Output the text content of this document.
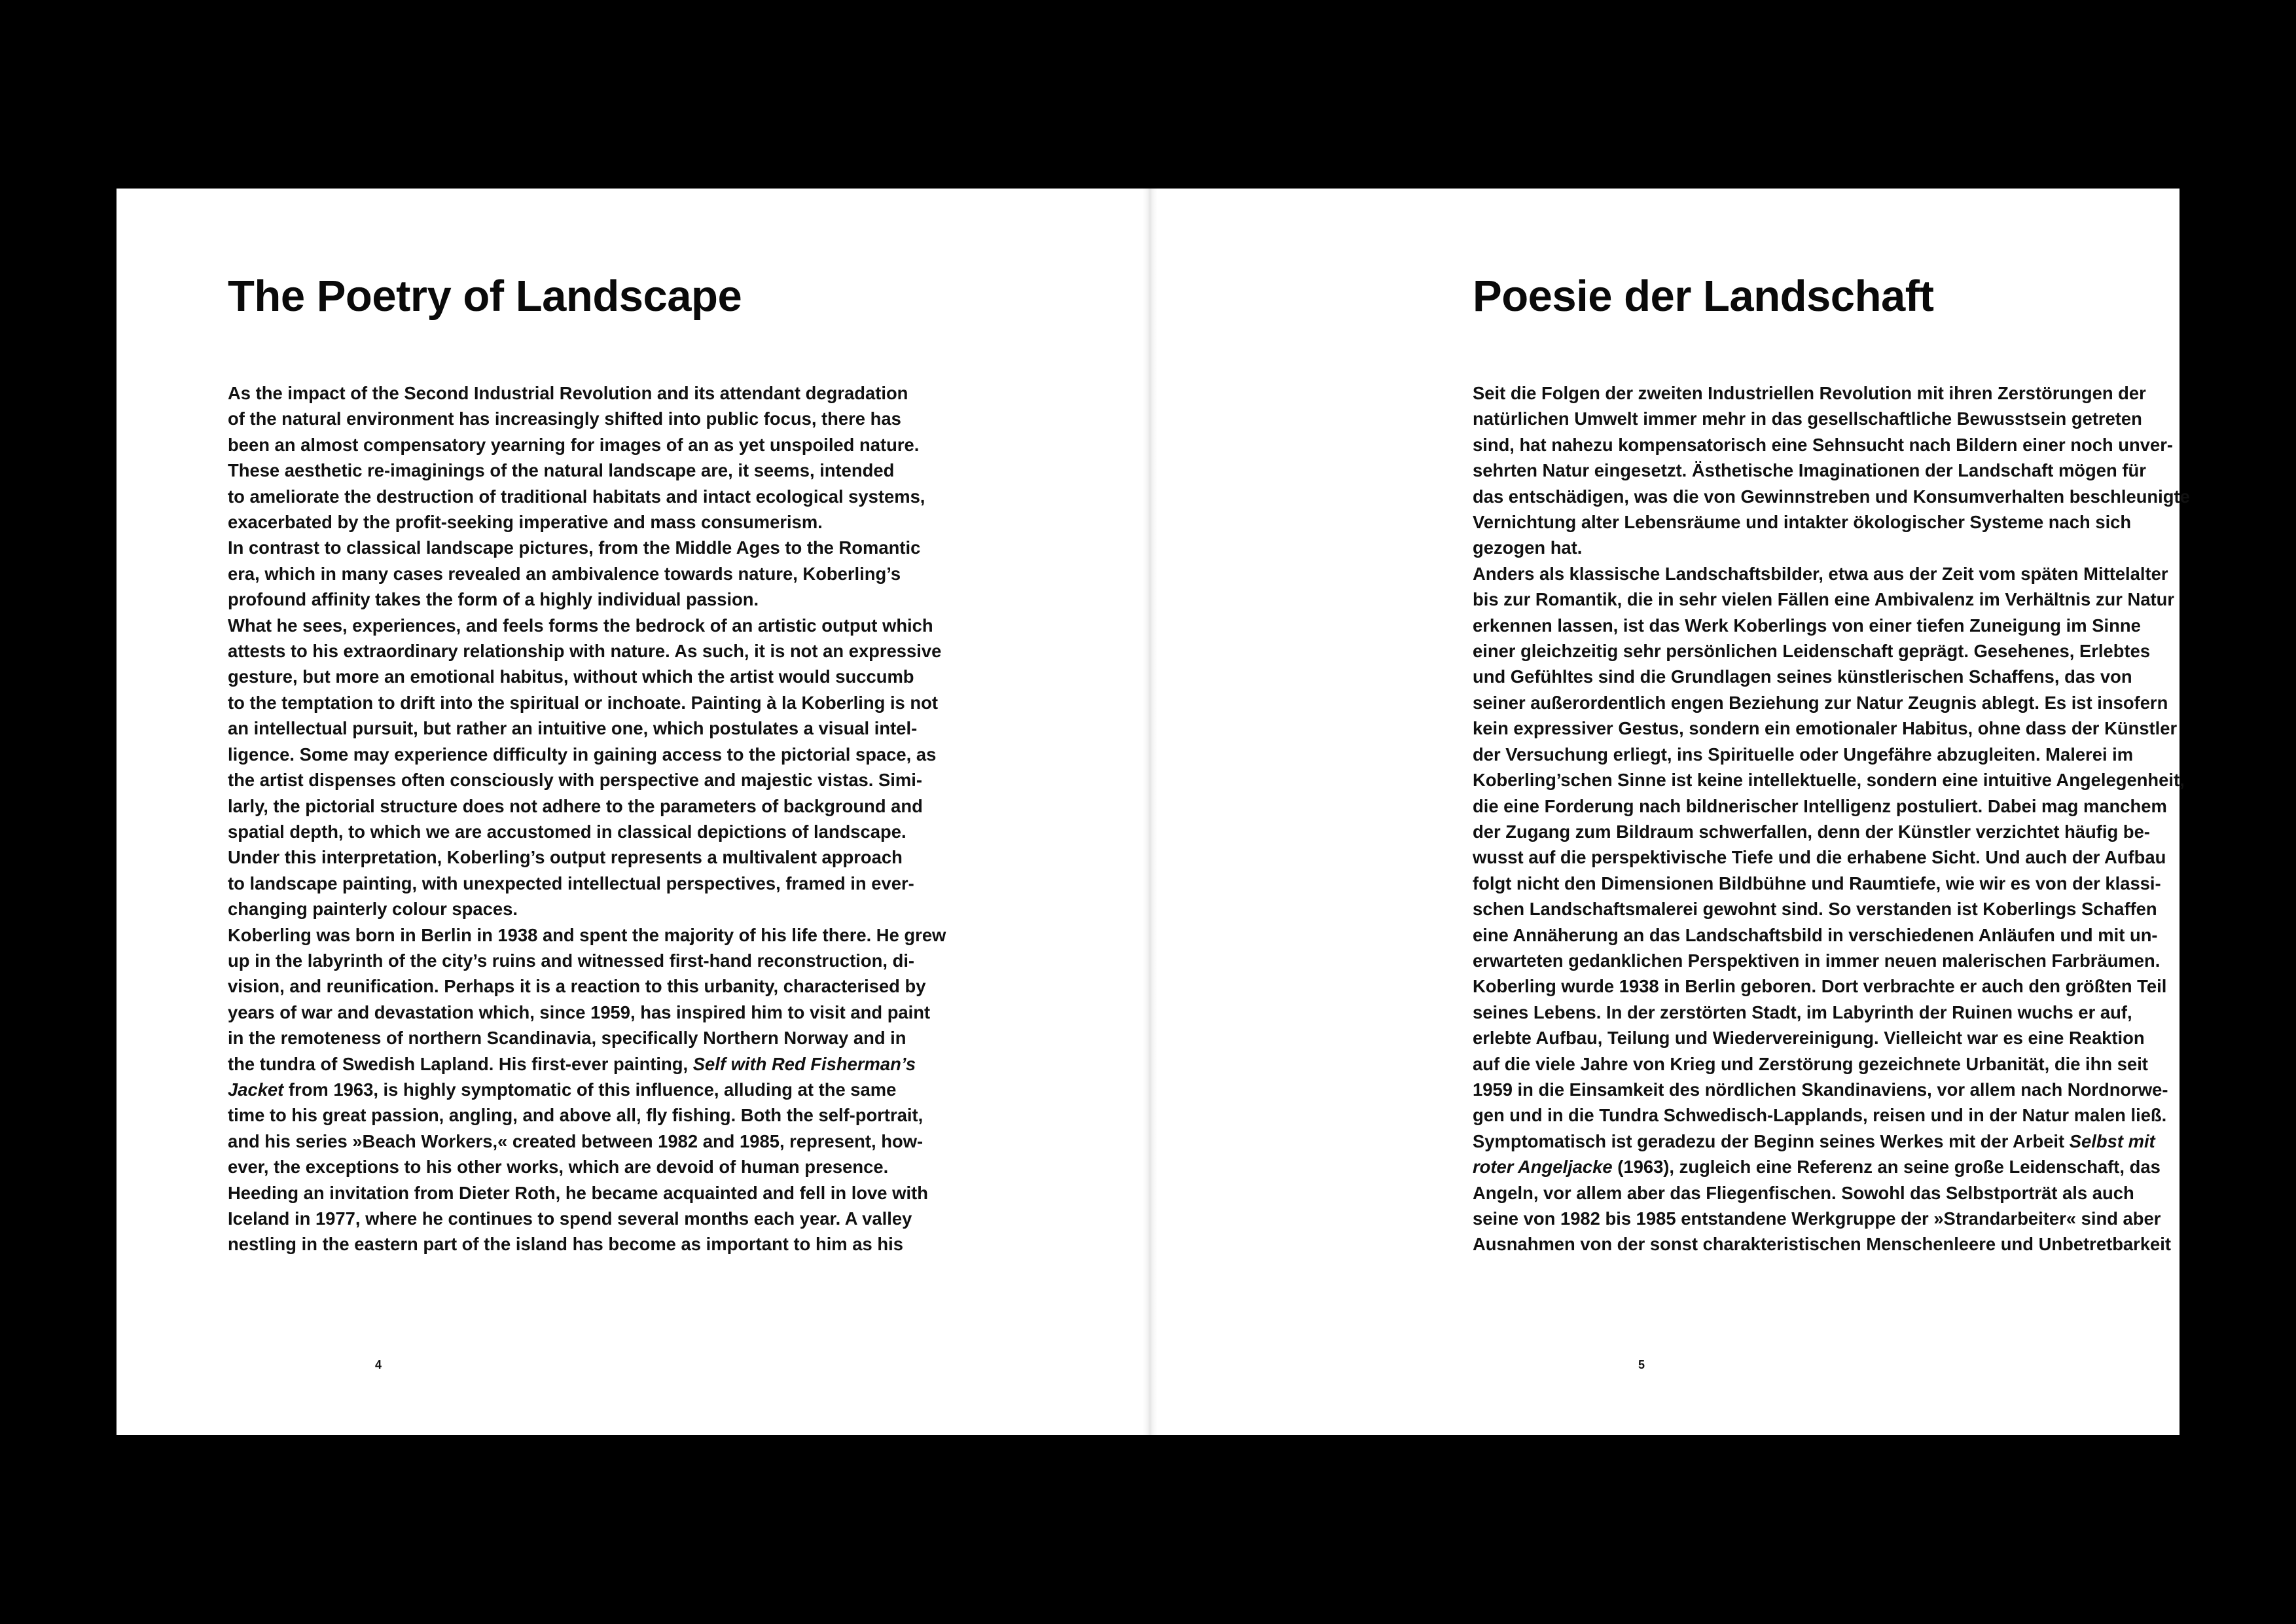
The Poetry of Landscape
As the impact of the Second Industrial Revolution and its attendant degradation
of the natural environment has increasingly shifted into public focus, there has
been an almost compensatory yearning for images of an as yet unspoiled nature.
These aesthetic re-imaginings of the natural landscape are, it seems, intended
to ameliorate the destruction of traditional habitats and intact ecological systems,
exacerbated by the profit-seeking imperative and mass consumerism.
In contrast to classical landscape pictures, from the Middle Ages to the Romantic
era, which in many cases revealed an ambivalence towards nature, Koberling’s
profound affinity takes the form of a highly individual passion.
What he sees, experiences, and feels forms the bedrock of an artistic output which
attests to his extraordinary relationship with nature. As such, it is not an expressive
gesture, but more an emotional habitus, without which the artist would succumb
to the temptation to drift into the spiritual or inchoate. Painting à la Koberling is not
an intellectual pursuit, but rather an intuitive one, which postulates a visual intel-
ligence. Some may experience difficulty in gaining access to the pictorial space, as
the artist dispenses often consciously with perspective and majestic vistas. Simi-
larly, the pictorial structure does not adhere to the parameters of background and
spatial depth, to which we are accustomed in classical depictions of landscape.
Under this interpretation, Koberling’s output represents a multivalent approach
to landscape painting, with unexpected intellectual perspectives, framed in ever-
changing painterly colour spaces.
Koberling was born in Berlin in 1938 and spent the majority of his life there. He grew
up in the labyrinth of the city’s ruins and witnessed first-hand reconstruction, di-
vision, and reunification. Perhaps it is a reaction to this urbanity, characterised by
years of war and devastation which, since 1959, has inspired him to visit and paint
in the remoteness of northern Scandinavia, specifically Northern Norway and in
the tundra of Swedish Lapland. His first-ever painting, Self with Red Fisherman’s
Jacket from 1963, is highly symptomatic of this influence, alluding at the same
time to his great passion, angling, and above all, fly fishing. Both the self-portrait,
and his series »Beach Workers,« created between 1982 and 1985, represent, how-
ever, the exceptions to his other works, which are devoid of human presence.
Heeding an invitation from Dieter Roth, he became acquainted and fell in love with
Iceland in 1977, where he continues to spend several months each year. A valley
nestling in the eastern part of the island has become as important to him as his
4
Poesie der Landschaft
Seit die Folgen der zweiten Industriellen Revolution mit ihren Zerstörungen der
natürlichen Umwelt immer mehr in das gesellschaftliche Bewusstsein getreten
sind, hat nahezu kompensatorisch eine Sehnsucht nach Bildern einer noch unver-
sehrten Natur eingesetzt. Ästhetische Imaginationen der Landschaft mögen für
das entschädigen, was die von Gewinnstreben und Konsumverhalten beschleunigte
Vernichtung alter Lebensräume und intakter ökologischer Systeme nach sich
gezogen hat.
Anders als klassische Landschaftsbilder, etwa aus der Zeit vom späten Mittelalter
bis zur Romantik, die in sehr vielen Fällen eine Ambivalenz im Verhältnis zur Natur
erkennen lassen, ist das Werk Koberlings von einer tiefen Zuneigung im Sinne
einer gleichzeitig sehr persönlichen Leidenschaft geprägt. Gesehenes, Erlebtes
und Gefühltes sind die Grundlagen seines künstlerischen Schaffens, das von
seiner außerordentlich engen Beziehung zur Natur Zeugnis ablegt. Es ist insofern
kein expressiver Gestus, sondern ein emotionaler Habitus, ohne dass der Künstler
der Versuchung erliegt, ins Spirituelle oder Ungefähre abzugleiten. Malerei im
Koberling’schen Sinne ist keine intellektuelle, sondern eine intuitive Angelegenheit,
die eine Forderung nach bildnerischer Intelligenz postuliert. Dabei mag manchem
der Zugang zum Bildraum schwerfallen, denn der Künstler verzichtet häufig be-
wusst auf die perspektivische Tiefe und die erhabene Sicht. Und auch der Aufbau
folgt nicht den Dimensionen Bildbühne und Raumtiefe, wie wir es von der klassi-
schen Landschaftsmalerei gewohnt sind. So verstanden ist Koberlings Schaffen
eine Annäherung an das Landschaftsbild in verschiedenen Anläufen und mit un-
erwarteten gedanklichen Perspektiven in immer neuen malerischen Farbräumen.
Koberling wurde 1938 in Berlin geboren. Dort verbrachte er auch den größten Teil
seines Lebens. In der zerstörten Stadt, im Labyrinth der Ruinen wuchs er auf,
erlebte Aufbau, Teilung und Wiedervereinigung. Vielleicht war es eine Reaktion
auf die viele Jahre von Krieg und Zerstörung gezeichnete Urbanität, die ihn seit
1959 in die Einsamkeit des nördlichen Skandinaviens, vor allem nach Nordnorwe-
gen und in die Tundra Schwedisch-Lapplands, reisen und in der Natur malen ließ.
Symptomatisch ist geradezu der Beginn seines Werkes mit der Arbeit Selbst mit
roter Angeljacke (1963), zugleich eine Referenz an seine große Leidenschaft, das
Angeln, vor allem aber das Fliegenfischen. Sowohl das Selbstporträt als auch
seine von 1982 bis 1985 entstandene Werkgruppe der »Strandarbeiter« sind aber
Ausnahmen von der sonst charakteristischen Menschenleere und Unbetretbarkeit
5
